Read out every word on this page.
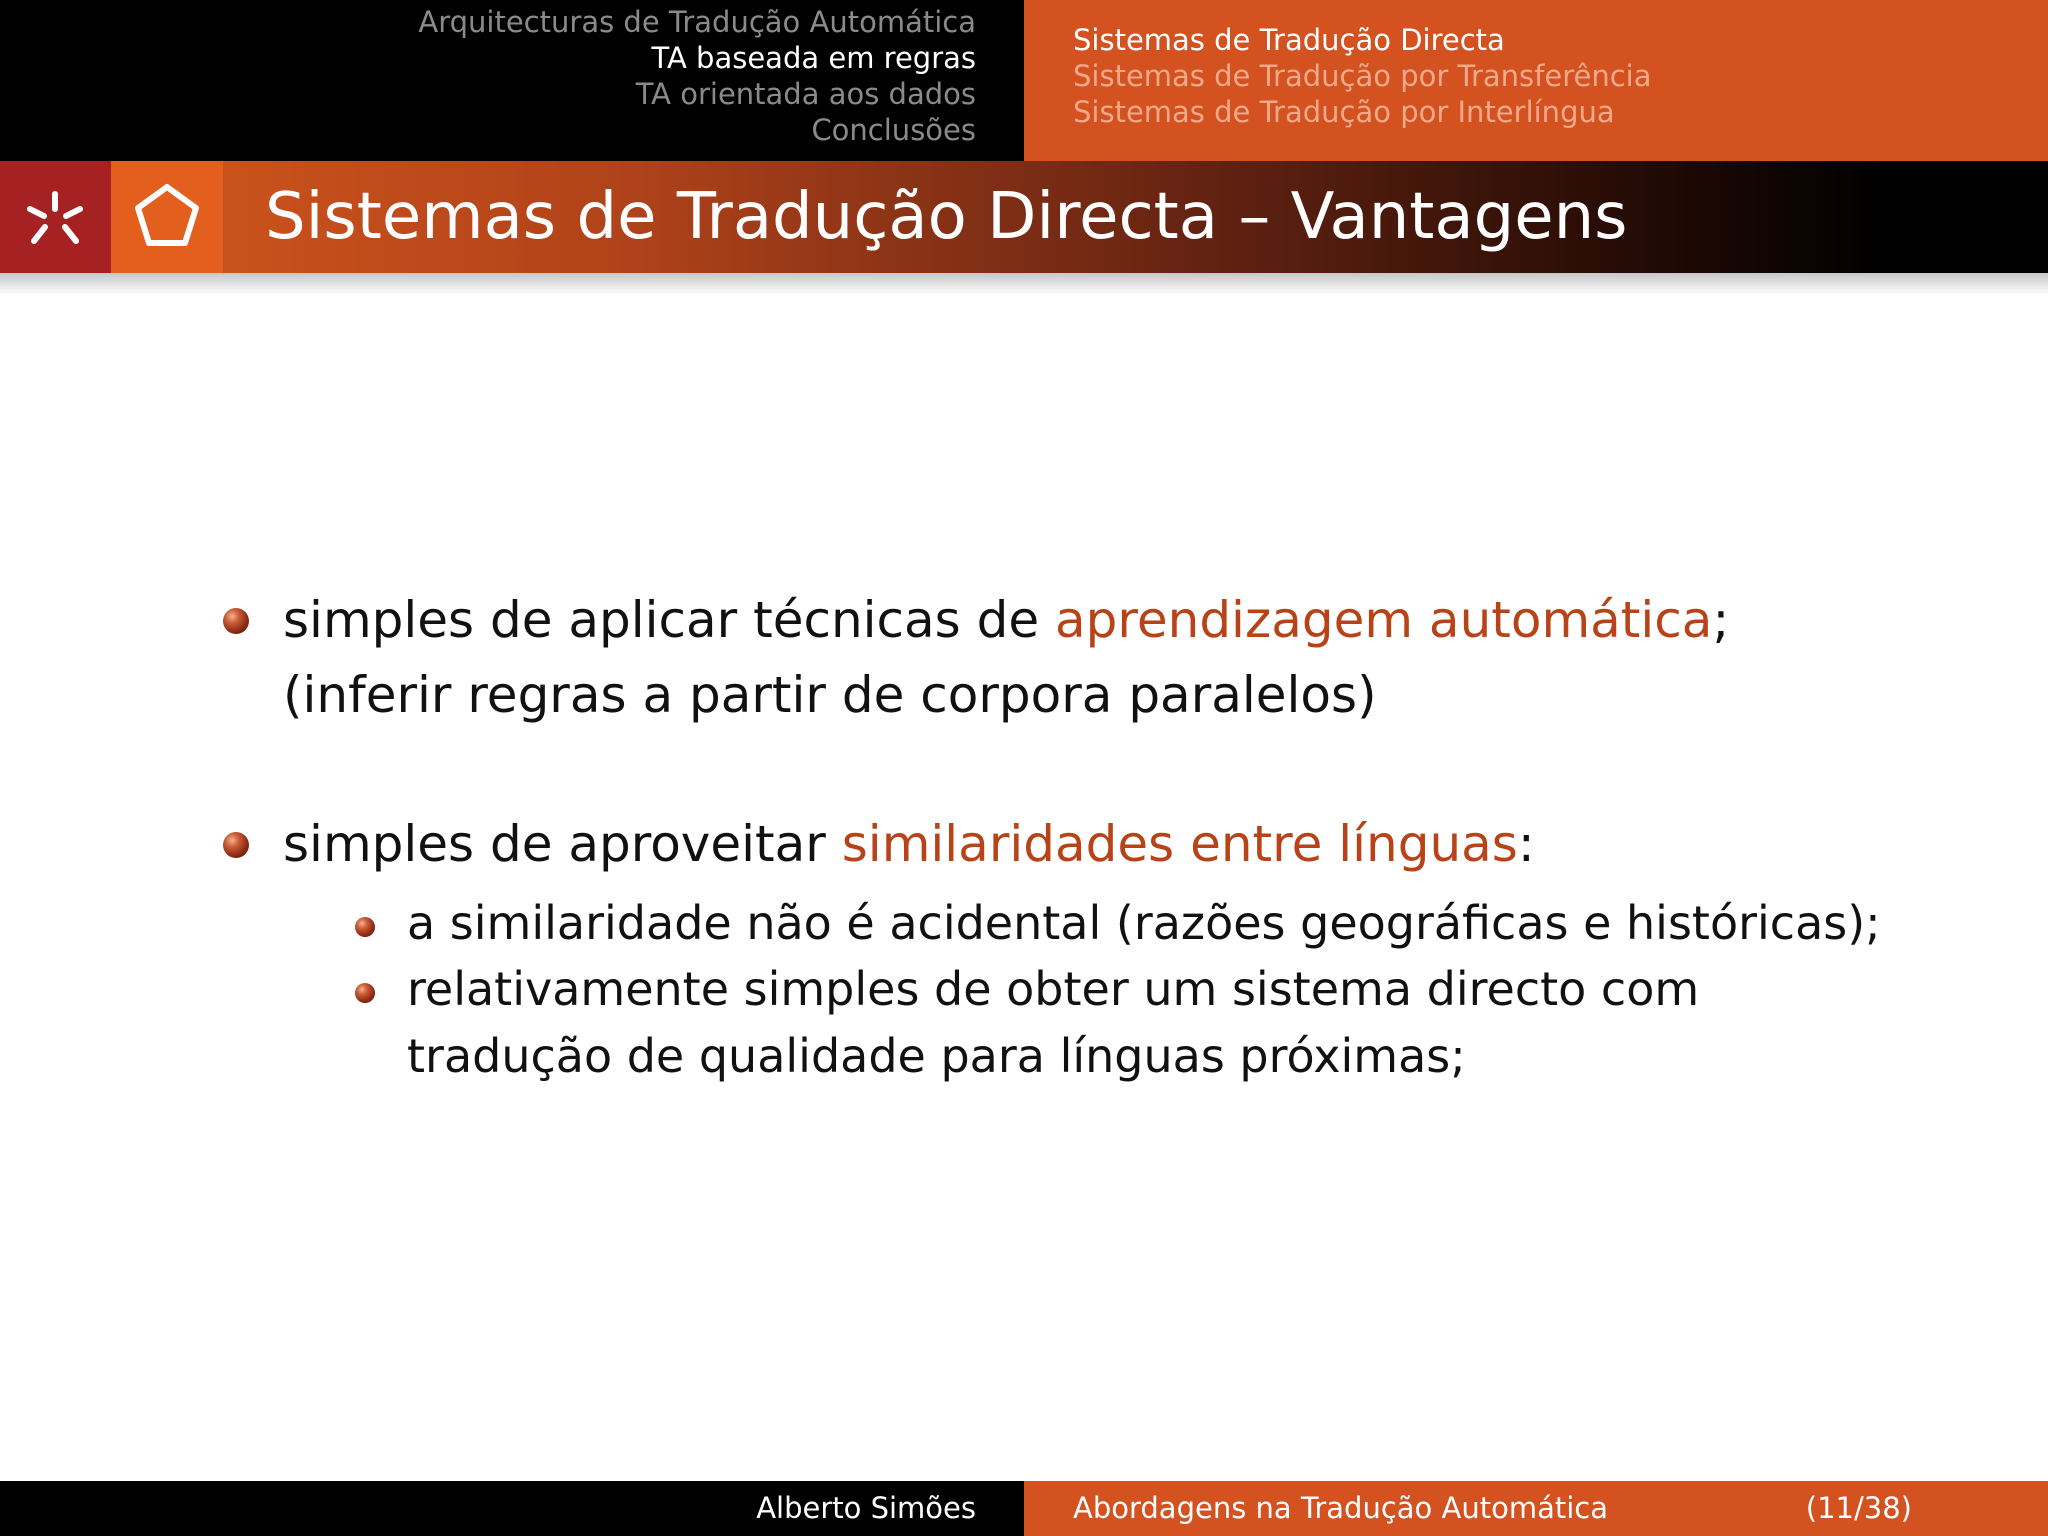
Arquitecturas de Tradução Automática
TA baseada em regras
TA orientada aos dados
Conclusões
Sistemas de Tradução Directa
Sistemas de Tradução por Transferência
Sistemas de Tradução por Interlíngua
Sistemas de Tradução Directa – Vantagens
simples de aplicar técnicas de aprendizagem automática;
(inferir regras a partir de corpora paralelos)
simples de aproveitar similaridades entre línguas:
a similaridade não é acidental (razões geográficas e históricas);
relativamente simples de obter um sistema directo com
tradução de qualidade para línguas próximas;
Alberto Simões	Abordagens na Tradução Automática	(11/38)
